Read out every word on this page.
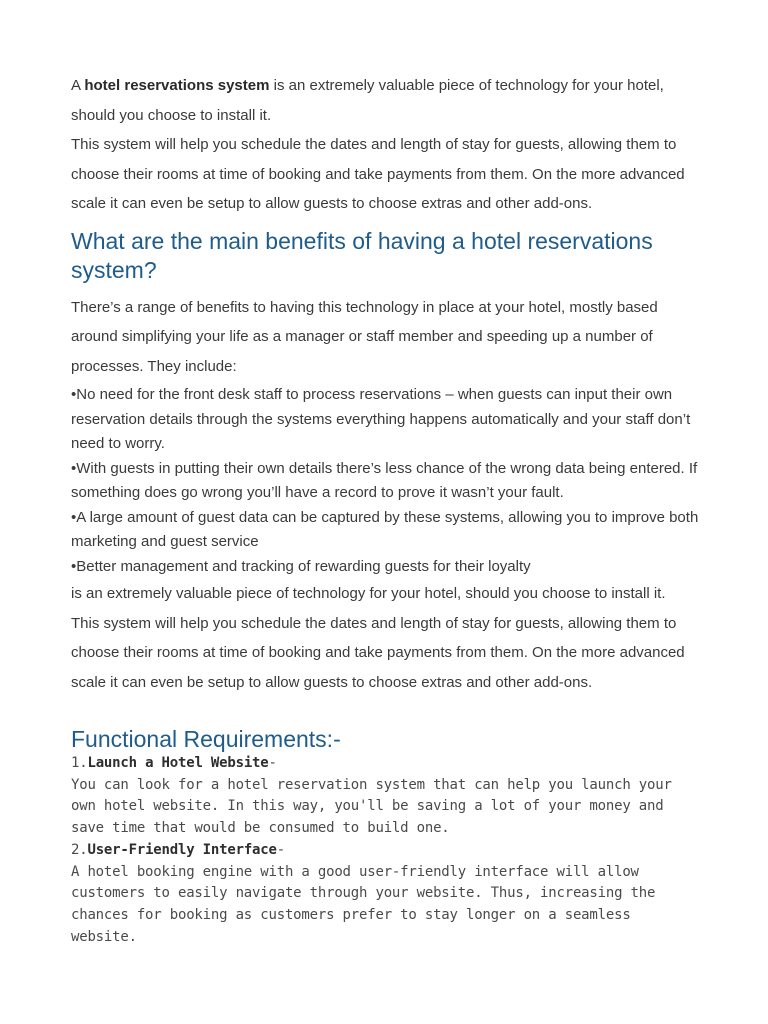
A hotel reservations system is an extremely valuable piece of technology for your hotel, should you choose to install it.

This system will help you schedule the dates and length of stay for guests, allowing them to choose their rooms at time of booking and take payments from them. On the more advanced scale it can even be setup to allow guests to choose extras and other add-ons.

What are the main benefits of having a hotel reservations system?

There’s a range of benefits to having this technology in place at your hotel, mostly based around simplifying your life as a manager or staff member and speeding up a number of processes. They include:

•No need for the front desk staff to process reservations – when guests can input their own reservation details through the systems everything happens automatically and your staff don’t need to worry.

•With guests in putting their own details there’s less chance of the wrong data being entered. If something does go wrong you’ll have a record to prove it wasn’t your fault.

•A large amount of guest data can be captured by these systems, allowing you to improve both marketing and guest service

•Better management and tracking of rewarding guests for their loyalty

is an extremely valuable piece of technology for your hotel, should you choose to install it.

This system will help you schedule the dates and length of stay for guests, allowing them to choose their rooms at time of booking and take payments from them. On the more advanced scale it can even be setup to allow guests to choose extras and other add-ons.

Functional Requirements:-

1.Launch a Hotel Website-

You can look for a hotel reservation system that can help you launch your own hotel website. In this way, you'll be saving a lot of your money and save time that would be consumed to build one.

2.User-Friendly Interface-

A hotel booking engine with a good user-friendly interface will allow customers to easily navigate through your website. Thus, increasing the chances for booking as customers prefer to stay longer on a seamless website.
